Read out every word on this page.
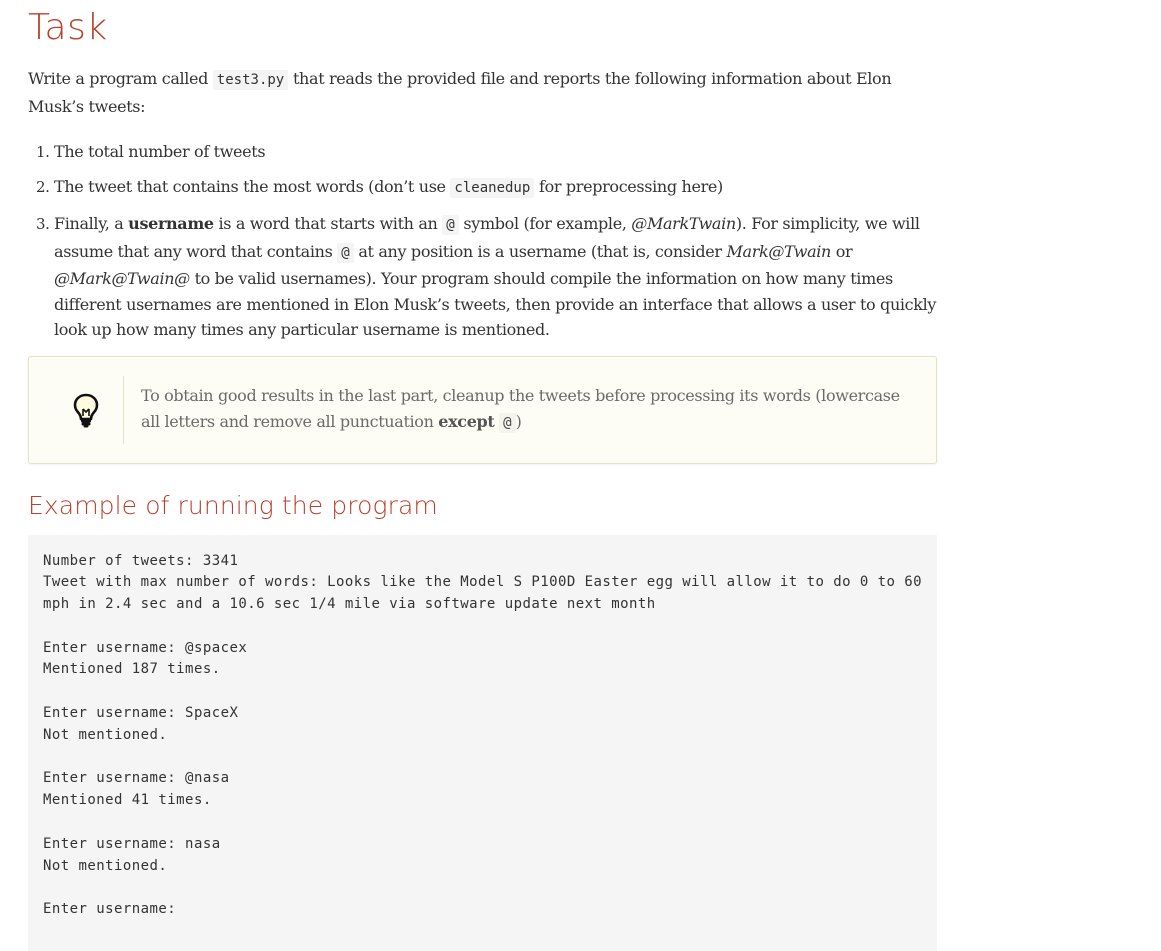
Task

Write a program called test3.py that reads the provided file and reports the following information about Elon Musk’s tweets:

1. The total number of tweets
2. The tweet that contains the most words (don’t use cleanedup for preprocessing here)
3. Finally, a username is a word that starts with an @ symbol (for example, @MarkTwain). For simplicity, we will assume that any word that contains @ at any position is a username (that is, consider Mark@Twain or @Mark@Twain@ to be valid usernames). Your program should compile the information on how many times different usernames are mentioned in Elon Musk’s tweets, then provide an interface that allows a user to quickly look up how many times any particular username is mentioned.
To obtain good results in the last part, cleanup the tweets before processing its words (lowercase all letters and remove all punctuation except @ )
Example of running the program
Number of tweets: 3341
Tweet with max number of words: Looks like the Model S P100D Easter egg will allow it to do 0 to 60 mph in 2.4 sec and a 10.6 sec 1/4 mile via software update next month

Enter username: @spacex
Mentioned 187 times.

Enter username: SpaceX
Not mentioned.

Enter username: @nasa
Mentioned 41 times.

Enter username: nasa
Not mentioned.

Enter username:
